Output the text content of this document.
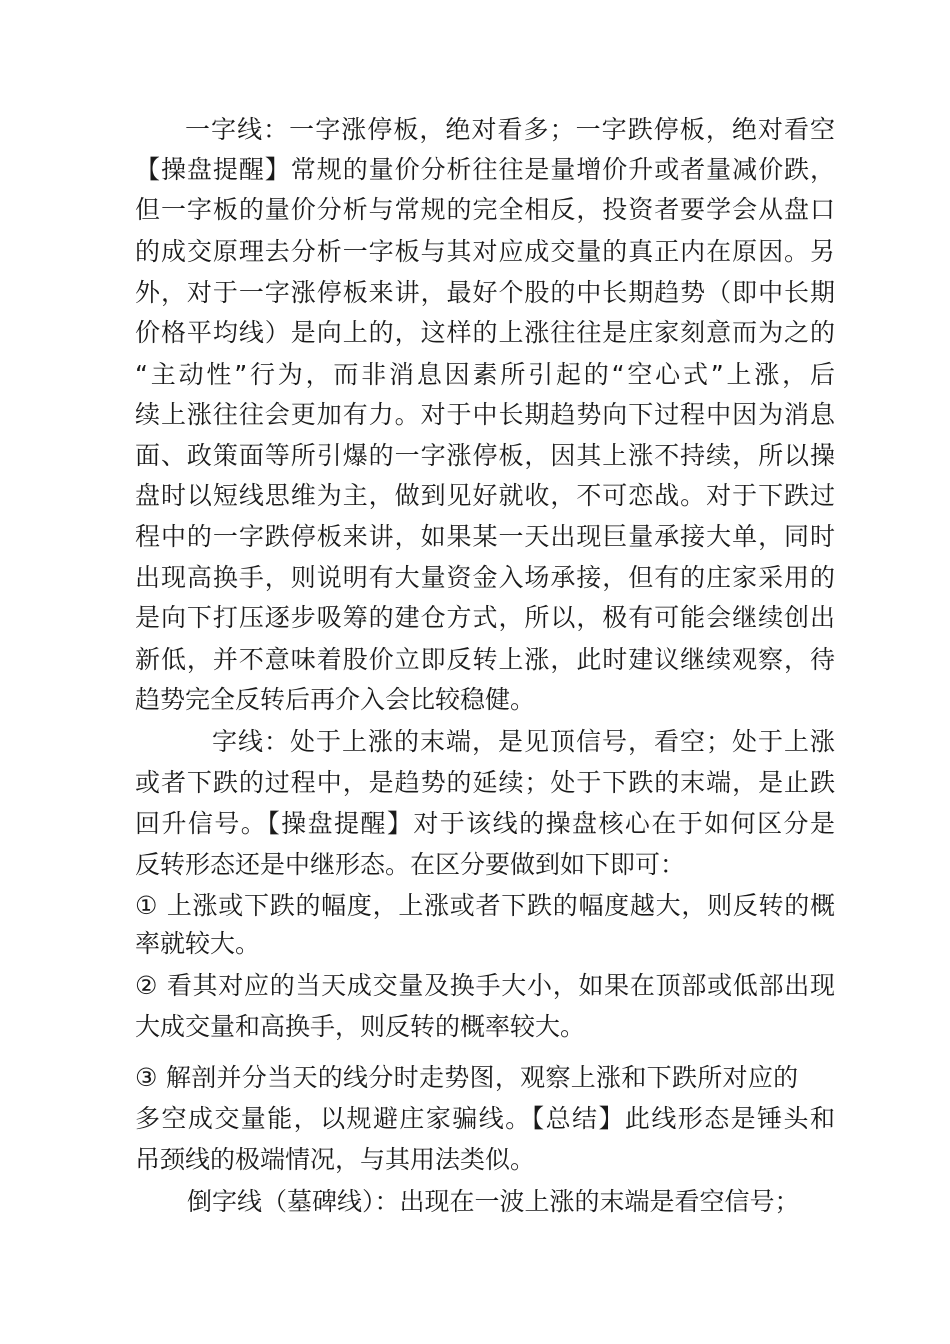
一字线：一字涨停板，绝对看多；一字跌停板，绝对看空
【操盘提醒】常规的量价分析往往是量增价升或者量减价跌，
但一字板的量价分析与常规的完全相反，投资者要学会从盘口
的成交原理去分析一字板与其对应成交量的真正内在原因。另
外，对于一字涨停板来讲，最好个股的中长期趋势（即中长期
价格平均线）是向上的，这样的上涨往往是庄家刻意而为之的
“主动性”行为，而非消息因素所引起的“空心式”上涨，后
续上涨往往会更加有力。对于中长期趋势向下过程中因为消息
面、政策面等所引爆的一字涨停板，因其上涨不持续，所以操
盘时以短线思维为主，做到见好就收，不可恋战。对于下跌过
程中的一字跌停板来讲，如果某一天出现巨量承接大单，同时
出现高换手，则说明有大量资金入场承接，但有的庄家采用的
是向下打压逐步吸筹的建仓方式，所以，极有可能会继续创出
新低，并不意味着股价立即反转上涨，此时建议继续观察，待
趋势完全反转后再介入会比较稳健。
字线：处于上涨的末端，是见顶信号，看空；处于上涨
或者下跌的过程中，是趋势的延续；处于下跌的末端，是止跌
回升信号。【操盘提醒】对于该线的操盘核心在于如何区分是
反转形态还是中继形态。在区分要做到如下即可：
① 上涨或下跌的幅度，上涨或者下跌的幅度越大，则反转的概
率就较大。
② 看其对应的当天成交量及换手大小，如果在顶部或低部出现
大成交量和高换手，则反转的概率较大。
③ 解剖并分当天的线分时走势图，观察上涨和下跌所对应的
多空成交量能，以规避庄家骗线。【总结】此线形态是锤头和
吊颈线的极端情况，与其用法类似。
倒字线（墓碑线）：出现在一波上涨的末端是看空信号；
